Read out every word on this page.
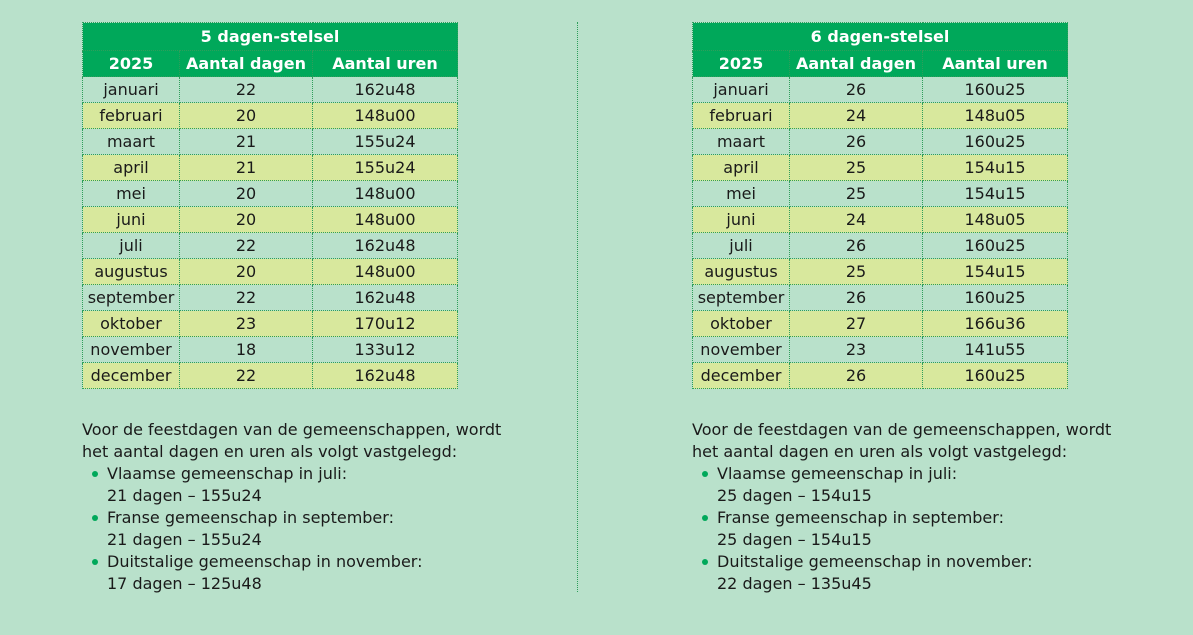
5 dagen-stelsel		
2025	Aantal dagen	Aantal uren
januari	22	162u48
februari	20	148u00
maart	21	155u24
april	21	155u24
mei	20	148u00
juni	20	148u00
juli	22	162u48
augustus	20	148u00
september	22	162u48
oktober	23	170u12
november	18	133u12
december	22	162u48

Voor de feestdagen van de gemeenschappen, wordt

het aantal dagen en uren als volgt vastgelegd:

Vlaamse gemeenschap in juli:
21 dagen – 155u24
Franse gemeenschap in september:
21 dagen – 155u24
Duitstalige gemeenschap in november:
17 dagen – 125u48
6 dagen-stelsel		
2025	Aantal dagen	Aantal uren
januari	26	160u25
februari	24	148u05
maart	26	160u25
april	25	154u15
mei	25	154u15
juni	24	148u05
juli	26	160u25
augustus	25	154u15
september	26	160u25
oktober	27	166u36
november	23	141u55
december	26	160u25

Voor de feestdagen van de gemeenschappen, wordt

het aantal dagen en uren als volgt vastgelegd:

Vlaamse gemeenschap in juli:
25 dagen – 154u15
Franse gemeenschap in september:
25 dagen – 154u15
Duitstalige gemeenschap in november:
22 dagen – 135u45
